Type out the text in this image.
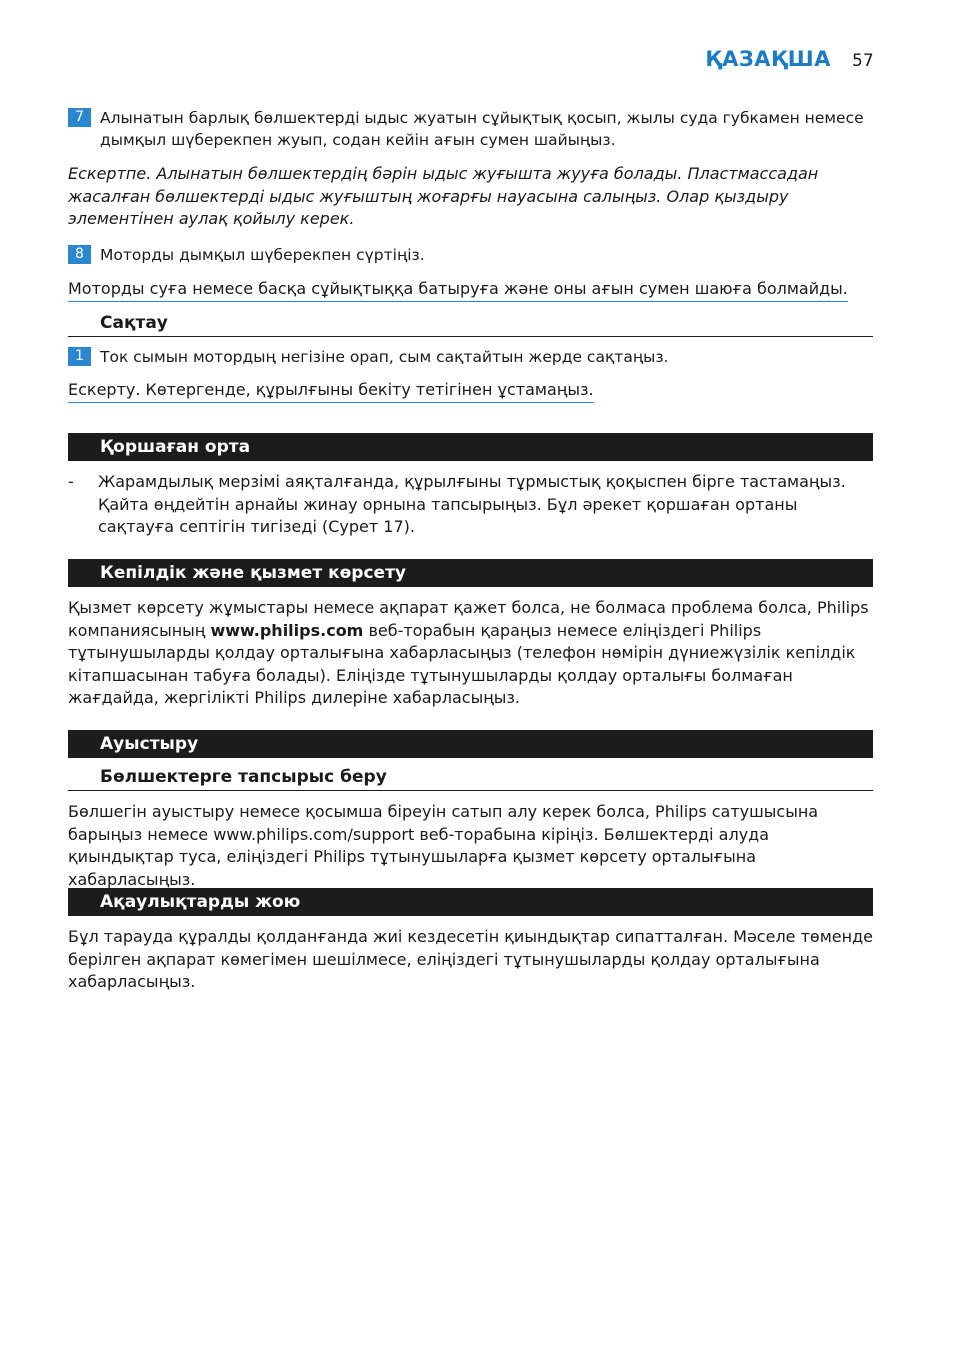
ҚАЗАҚША 57
7	Алынатын барлық бөлшектерді ыдыс жуатын сұйықтық қосып, жылы суда губкамен немесе дымқыл шүберекпен жуып, содан кейін ағын сумен шайыңыз.
Ескертпе. Алынатын бөлшектердің бәрін ыдыс жуғышта жууға болады. Пластмассадан жасалған бөлшектерді ыдыс жуғыштың жоғарғы науасына салыңыз. Олар қыздыру элементінен аулақ қойылу керек.
8	Моторды дымқыл шүберекпен сүртіңіз.
Моторды суға немесе басқа сұйықтыққа батыруға және оны ағын сумен шаюға болмайды.
Сақтау
1	Ток сымын мотордың негізіне орап, сым сақтайтын жерде сақтаңыз.
Ескерту. Көтергенде, құрылғыны бекіту тетігінен ұстамаңыз.
Қоршаған орта
- Жарамдылық мерзімі аяқталғанда, құрылғыны тұрмыстық қоқыспен бірге тастамаңыз. Қайта өңдейтін арнайы жинау орнына тапсырыңыз. Бұл әрекет қоршаған ортаны сақтауға септігін тигізеді (Сурет 17).
Кепілдік және қызмет көрсету
Қызмет көрсету жұмыстары немесе ақпарат қажет болса, не болмаса проблема болса, Philips компаниясының www.philips.com веб-торабын қараңыз немесе еліңіздегі Philips тұтынушыларды қолдау орталығына хабарласыңыз (телефон нөмірін дүниежүзілік кепілдік кітапшасынан табуға болады). Еліңізде тұтынушыларды қолдау орталығы болмаған жағдайда, жергілікті Philips дилеріне хабарласыңыз.
Ауыстыру
Бөлшектерге тапсырыс беру
Бөлшегін ауыстыру немесе қосымша біреуін сатып алу керек болса, Philips сатушысына барыңыз немесе www.philips.com/support веб-торабына кіріңіз. Бөлшектерді алуда қиындықтар туса, еліңіздегі Philips тұтынушыларға қызмет көрсету орталығына хабарласыңыз.
Ақаулықтарды жою
Бұл тарауда құралды қолданғанда жиі кездесетін қиындықтар сипатталған. Мәселе төменде берілген ақпарат көмегімен шешілмесе, еліңіздегі тұтынушыларды қолдау орталығына хабарласыңыз.
